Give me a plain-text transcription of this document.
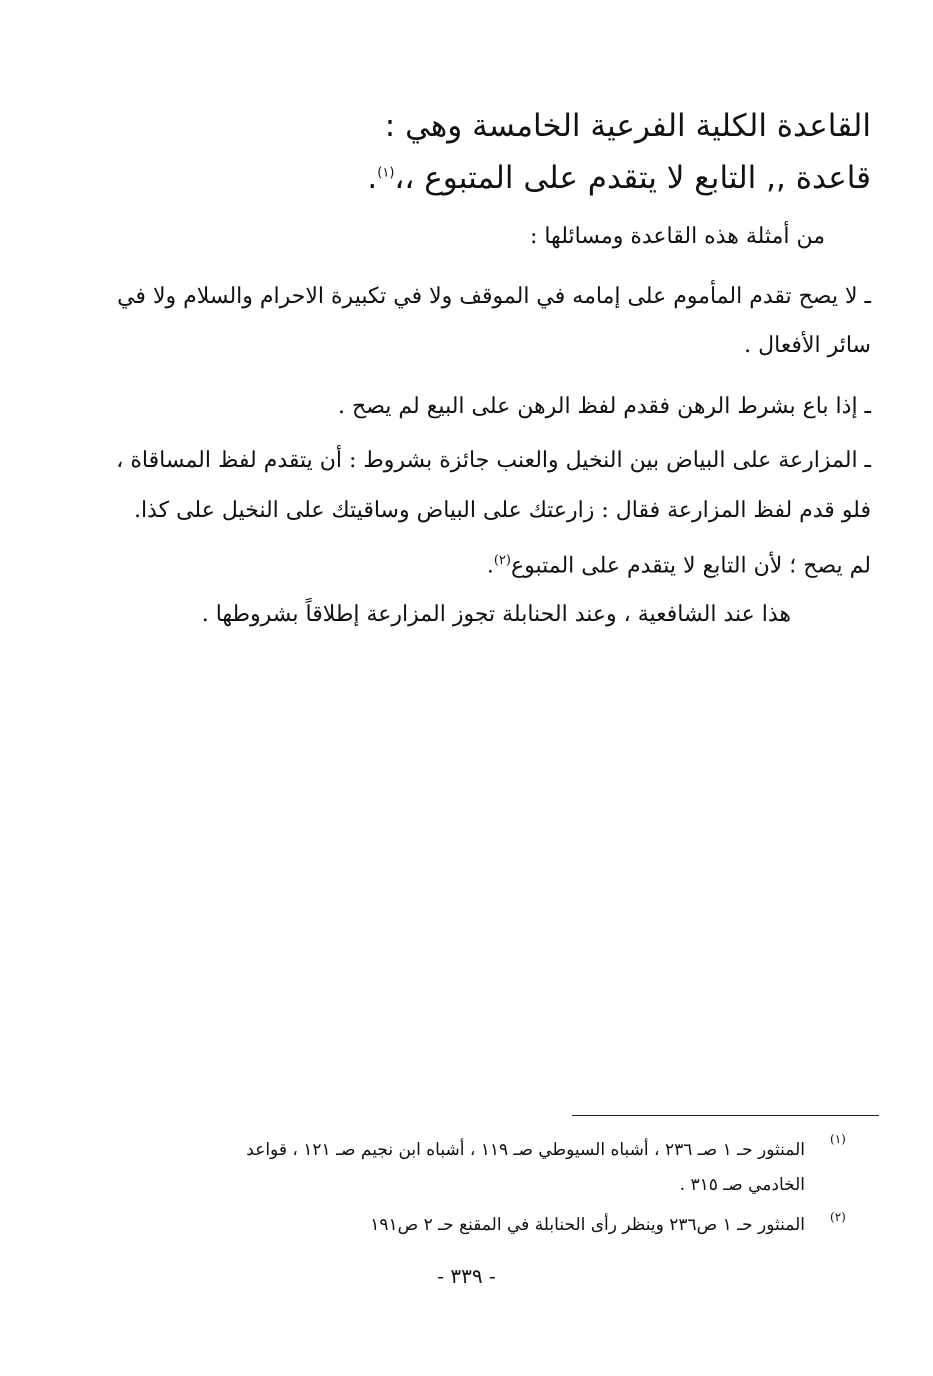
القاعدة الكلية الفرعية الخامسة وهي :
قاعدة ,, التابع لا يتقدم على المتبوع ،،$^{(١)}$.
من أمثلة هذه القاعدة ومسائلها :
ـ لا يصح تقدم المأموم على إمامه في الموقف ولا في تكبيرة الاحرام والسلام ولا في
سائر الأفعال .
ـ إذا باع بشرط الرهن فقدم لفظ الرهن على البيع لم يصح .
ـ المزارعة على البياض بين النخيل والعنب جائزة بشروط : أن يتقدم لفظ المساقاة ،
فلو قدم لفظ المزارعة فقال : زارعتك على البياض وساقيتك على النخيل على كذا.
لم يصح ؛ لأن التابع لا يتقدم على المتبوع$^{(٢)}$.
هذا عند الشافعية ، وعند الحنابلة تجوز المزارعة إطلاقاً بشروطها .
(١)
المنثور حـ ١ صـ ٢٣٦ ، أشباه السيوطي صـ ١١٩ ، أشباه ابن نجيم صـ ١٢١ ، قواعد
الخادمي صـ ٣١٥ .
(٢)
المنثور حـ ١ ص٢٣٦ وينظر رأى الحنابلة في المقنع حـ ٢ ص١٩١
- ٣٣٩ -
